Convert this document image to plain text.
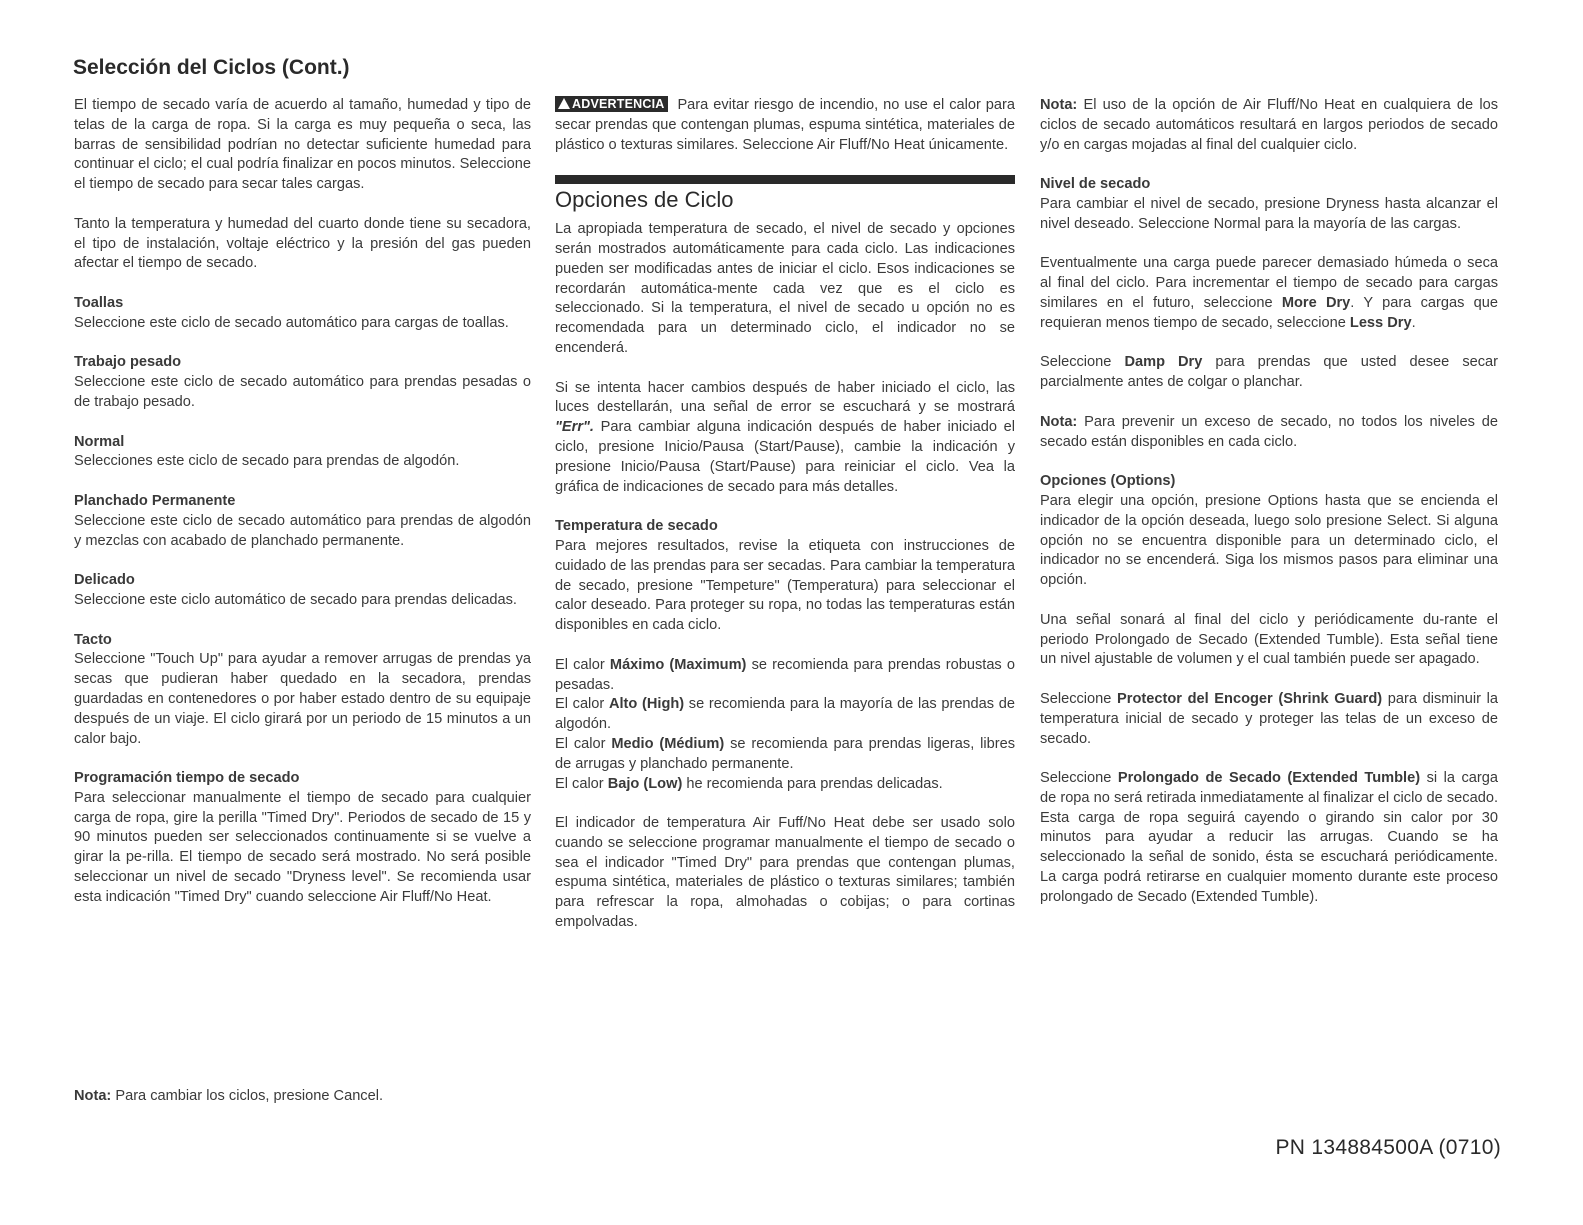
Selección del Ciclos (Cont.)

El tiempo de secado varía de acuerdo al tamaño, humedad y tipo de telas de la carga de ropa. Si la carga es muy pequeña o seca, las barras de sensibilidad podrían no detectar suficiente humedad para continuar el ciclo; el cual podría finalizar en pocos minutos. Seleccione el tiempo de secado para secar tales cargas.

Tanto la temperatura y humedad del cuarto donde tiene su secadora, el tipo de instalación, voltaje eléctrico y la presión del gas pueden afectar el tiempo de secado.

Toallas

Seleccione este ciclo de secado automático para cargas de toallas.

Trabajo pesado

Seleccione este ciclo de secado automático para prendas pesadas o de trabajo pesado.

Normal

Selecciones este ciclo de secado para prendas de algodón.

Planchado Permanente

Seleccione este ciclo de secado automático para prendas de algodón y mezclas con acabado de planchado permanente.

Delicado

Seleccione este ciclo automático de secado para prendas delicadas.

Tacto

Seleccione "Touch Up" para ayudar a remover arrugas de prendas ya secas que pudieran haber quedado en la secadora, prendas guardadas en contenedores o por haber estado dentro de su equipaje después de un viaje. El ciclo girará por un periodo de 15 minutos a un calor bajo.

Programación tiempo de secado

Para seleccionar manualmente el tiempo de secado para cualquier carga de ropa, gire la perilla "Timed Dry". Periodos de secado de 15 y 90 minutos pueden ser seleccionados continuamente si se vuelve a girar la pe-rilla. El tiempo de secado será mostrado. No será posible seleccionar un nivel de secado "Dryness level". Se recomienda usar esta indicación "Timed Dry" cuando seleccione Air Fluff/No Heat.

Nota: Para cambiar los ciclos, presione Cancel.

ADVERTENCIA Para evitar riesgo de incendio, no use el calor para secar prendas que contengan plumas, espuma sintética, materiales de plástico o texturas similares. Seleccione Air Fluff/No Heat únicamente.

Opciones de Ciclo

La apropiada temperatura de secado, el nivel de secado y opciones serán mostrados automáticamente para cada ciclo. Las indicaciones pueden ser modificadas antes de iniciar el ciclo. Esos indicaciones se recordarán automática-mente cada vez que es el ciclo es seleccionado. Si la temperatura, el nivel de secado u opción no es recomendada para un determinado ciclo, el indicador no se encenderá.

Si se intenta hacer cambios después de haber iniciado el ciclo, las luces destellarán, una señal de error se escuchará y se mostrará "Err". Para cambiar alguna indicación después de haber iniciado el ciclo, presione Inicio/Pausa (Start/Pause), cambie la indicación y presione Inicio/Pausa (Start/Pause) para reiniciar el ciclo. Vea la gráfica de indicaciones de secado para más detalles.

Temperatura de secado

Para mejores resultados, revise la etiqueta con instrucciones de cuidado de las prendas para ser secadas. Para cambiar la temperatura de secado, presione "Tempeture" (Temperatura) para seleccionar el calor deseado. Para proteger su ropa, no todas las temperaturas están disponibles en cada ciclo.

El calor Máximo (Maximum) se recomienda para prendas robustas o pesadas.

El calor Alto (High) se recomienda para la mayoría de las prendas de algodón.

El calor Medio (Médium) se recomienda para prendas ligeras, libres de arrugas y planchado permanente.

El calor Bajo (Low) he recomienda para prendas delicadas.

El indicador de temperatura Air Fuff/No Heat debe ser usado solo cuando se seleccione programar manualmente el tiempo de secado o sea el indicador "Timed Dry" para prendas que contengan plumas, espuma sintética, materiales de plástico o texturas similares; también para refrescar la ropa, almohadas o cobijas; o para cortinas empolvadas.

Nota: El uso de la opción de Air Fluff/No Heat en cualquiera de los ciclos de secado automáticos resultará en largos periodos de secado y/o en cargas mojadas al final del cualquier ciclo.

Nivel de secado

Para cambiar el nivel de secado, presione Dryness hasta alcanzar el nivel deseado. Seleccione Normal para la mayoría de las cargas.

Eventualmente una carga puede parecer demasiado húmeda o seca al final del ciclo. Para incrementar el tiempo de secado para cargas similares en el futuro, seleccione More Dry. Y para cargas que requieran menos tiempo de secado, seleccione Less Dry.

Seleccione Damp Dry para prendas que usted desee secar parcialmente antes de colgar o planchar.

Nota: Para prevenir un exceso de secado, no todos los niveles de secado están disponibles en cada ciclo.

Opciones (Options)

Para elegir una opción, presione Options hasta que se encienda el indicador de la opción deseada, luego solo presione Select. Si alguna opción no se encuentra disponible para un determinado ciclo, el indicador no se encenderá. Siga los mismos pasos para eliminar una opción.

Una señal sonará al final del ciclo y periódicamente du-rante el periodo Prolongado de Secado (Extended Tumble). Esta señal tiene un nivel ajustable de volumen y el cual también puede ser apagado.

Seleccione Protector del Encoger (Shrink Guard) para disminuir la temperatura inicial de secado y proteger las telas de un exceso de secado.

Seleccione Prolongado de Secado (Extended Tumble) si la carga de ropa no será retirada inmediatamente al finalizar el ciclo de secado. Esta carga de ropa seguirá cayendo o girando sin calor por 30 minutos para ayudar a reducir las arrugas. Cuando se ha seleccionado la señal de sonido, ésta se escuchará periódicamente. La carga podrá retirarse en cualquier momento durante este proceso prolongado de Secado (Extended Tumble).

PN 134884500A (0710)
